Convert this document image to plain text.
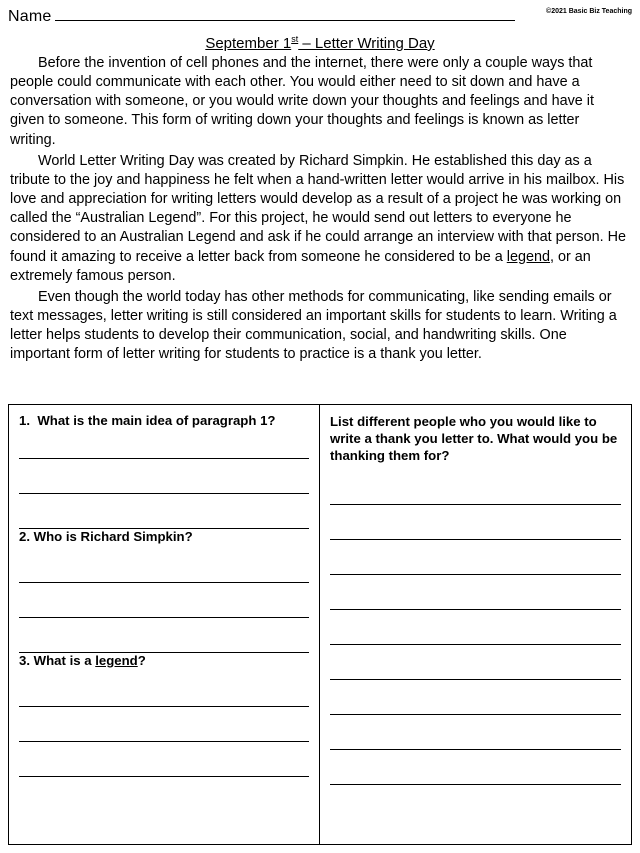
Name	©2021 Basic Biz Teaching
September 1st – Letter Writing Day

Before the invention of cell phones and the internet, there were only a couple ways that people could communicate with each other. You would either need to sit down and have a conversation with someone, or you would write down your thoughts and feelings and have it given to someone. This form of writing down your thoughts and feelings is known as letter writing.

World Letter Writing Day was created by Richard Simpkin. He established this day as a tribute to the joy and happiness he felt when a hand-written letter would arrive in his mailbox. His love and appreciation for writing letters would develop as a result of a project he was working on called the “Australian Legend”. For this project, he would send out letters to everyone he considered to an Australian Legend and ask if he could arrange an interview with that person. He found it amazing to receive a letter back from someone he considered to be a legend, or an extremely famous person.

Even though the world today has other methods for communicating, like sending emails or text messages, letter writing is still considered an important skills for students to learn. Writing a letter helps students to develop their communication, social, and handwriting skills. One important form of letter writing for students to practice is a thank you letter.

1. What is the main idea of paragraph 1?

2. Who is Richard Simpkin?

3. What is a legend?

List different people who you would like to write a thank you letter to. What would you be thanking them for?
